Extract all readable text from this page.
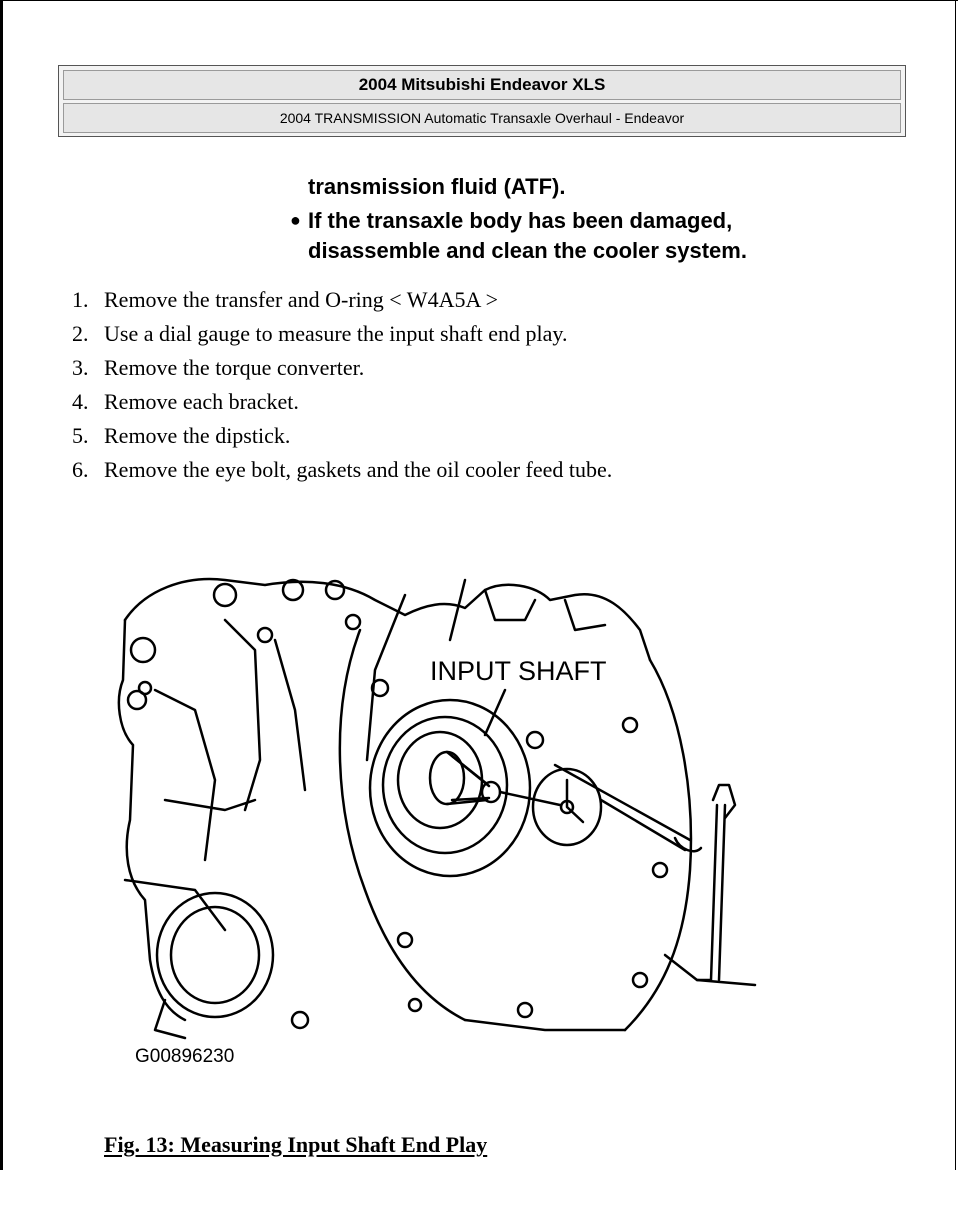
2004 Mitsubishi Endeavor XLS
2004 TRANSMISSION Automatic Transaxle Overhaul - Endeavor
transmission fluid (ATF).
● If the transaxle body has been damaged,
disassemble and clean the cooler system.
1. Remove the transfer and O-ring < W4A5A >
2. Use a dial gauge to measure the input shaft end play.
3. Remove the torque converter.
4. Remove each bracket.
5. Remove the dipstick.
6. Remove the eye bolt, gaskets and the oil cooler feed tube.
INPUT SHAFT
G00896230
Fig. 13: Measuring Input Shaft End Play
